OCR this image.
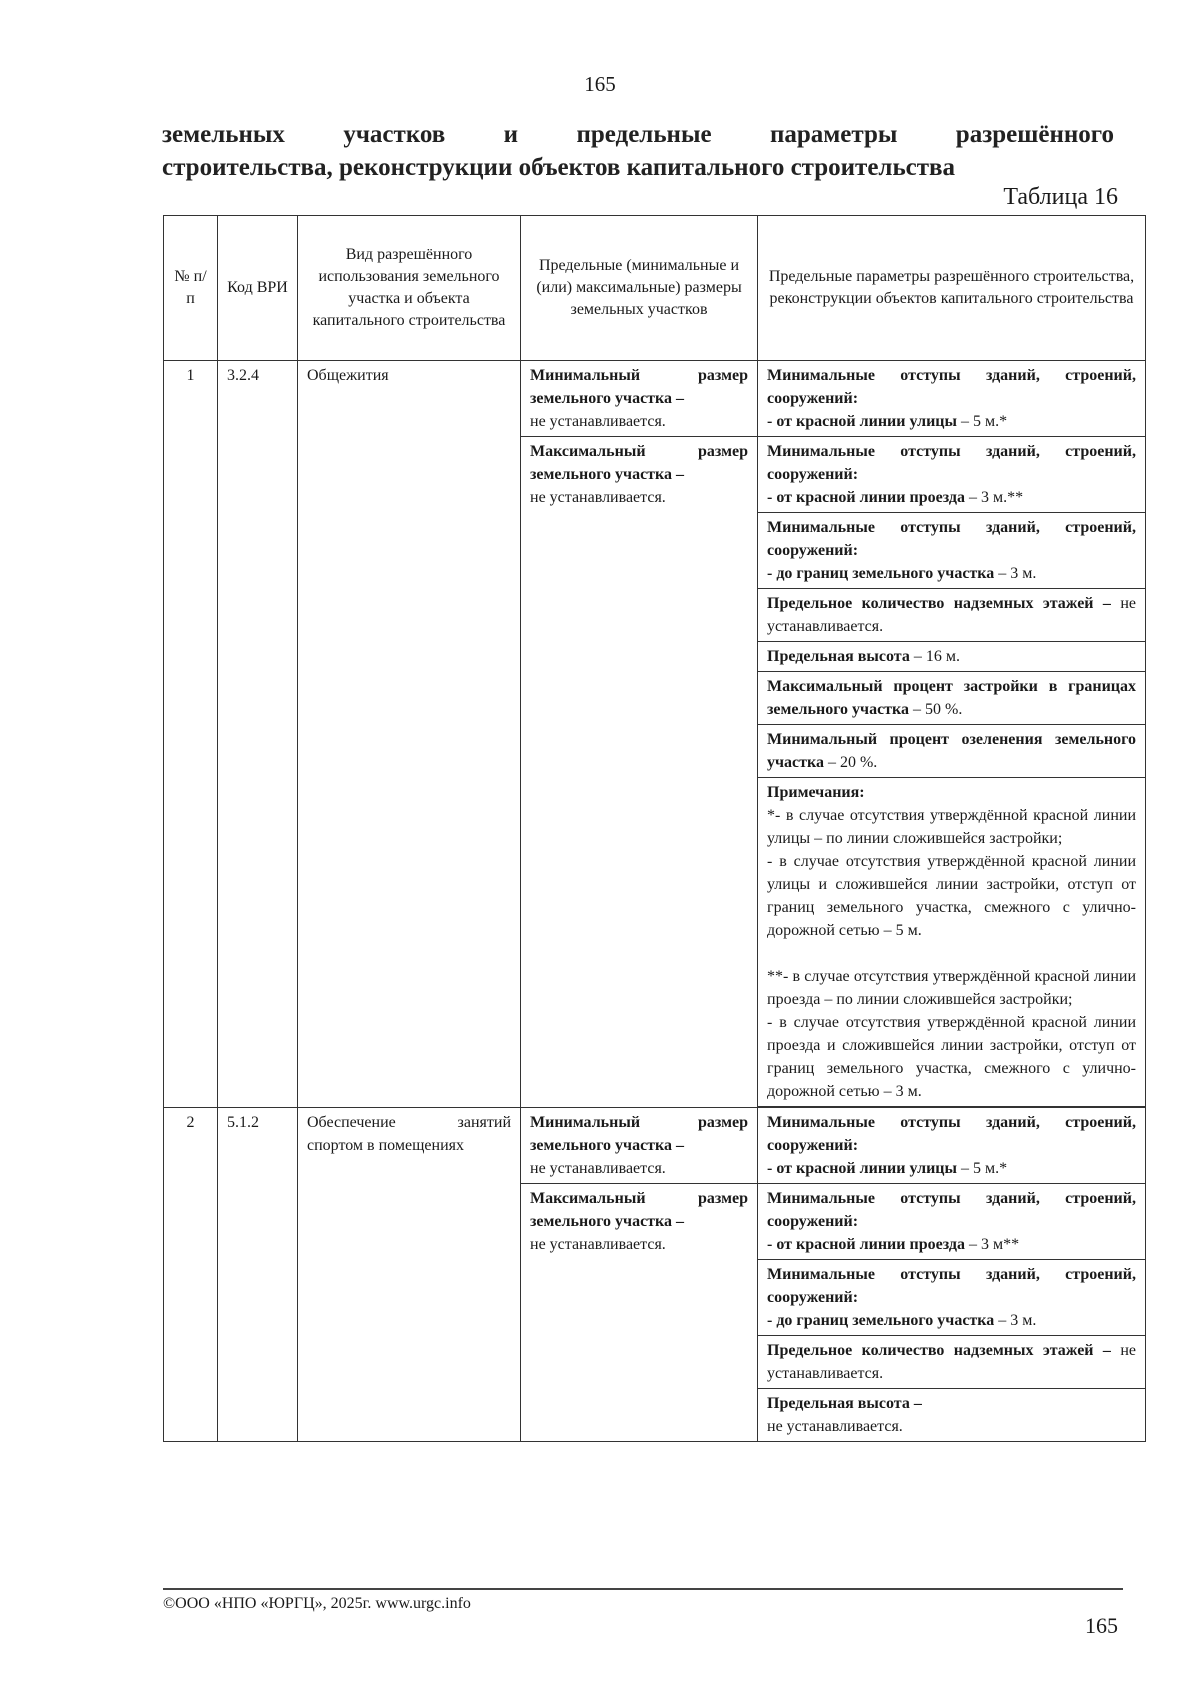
165
земельных участков и предельные параметры разрешённого
строительства, реконструкции объектов капитального строительства
Таблица 16
№ п/п	Код ВРИ	Вид разрешённого использования земельного участка и объекта капитального строительства	Предельные (минимальные и (или) максимальные) размеры земельных участков	Предельные параметры разрешённого строительства, реконструкции объектов капитального строительства
1	3.2.4	Общежития	Минимальный размер земельного участка –
не устанавливается.	Минимальные отступы зданий, строений, сооружений:
- от красной линии улицы – 5 м.*
			Максимальный размер земельного участка –
не устанавливается.	Минимальные отступы зданий, строений, сооружений:
- от красной линии проезда – 3 м.**
				Минимальные отступы зданий, строений, сооружений:
- до границ земельного участка – 3 м.
				Предельное количество надземных этажей – не устанавливается.
				Предельная высота – 16 м.
				Максимальный процент застройки в границах земельного участка – 50 %.
				Минимальный процент озеленения земельного участка – 20 %.
				Примечания:
*- в случае отсутствия утверждённой красной линии улицы – по линии сложившейся застройки;
- в случае отсутствия утверждённой красной линии улицы и сложившейся линии застройки, отступ от границ земельного участка, смежного с улично-дорожной сетью – 5 м.
**- в случае отсутствия утверждённой красной линии проезда – по линии сложившейся застройки;
- в случае отсутствия утверждённой красной линии проезда и сложившейся линии застройки, отступ от границ земельного участка, смежного с улично-дорожной сетью – 3 м.

2	5.1.2	Обеспечение занятий спортом в помещениях	Минимальный размер земельного участка –
не устанавливается.	Минимальные отступы зданий, строений, сооружений:
- от красной линии улицы – 5 м.*
			Максимальный размер земельного участка –
не устанавливается.	Минимальные отступы зданий, строений, сооружений:
- от красной линии проезда – 3 м**
				Минимальные отступы зданий, строений, сооружений:
- до границ земельного участка – 3 м.
				Предельное количество надземных этажей – не устанавливается.
				Предельная высота –
не устанавливается.
©ООО «НПО «ЮРГЦ», 2025г. www.urgc.info
165
